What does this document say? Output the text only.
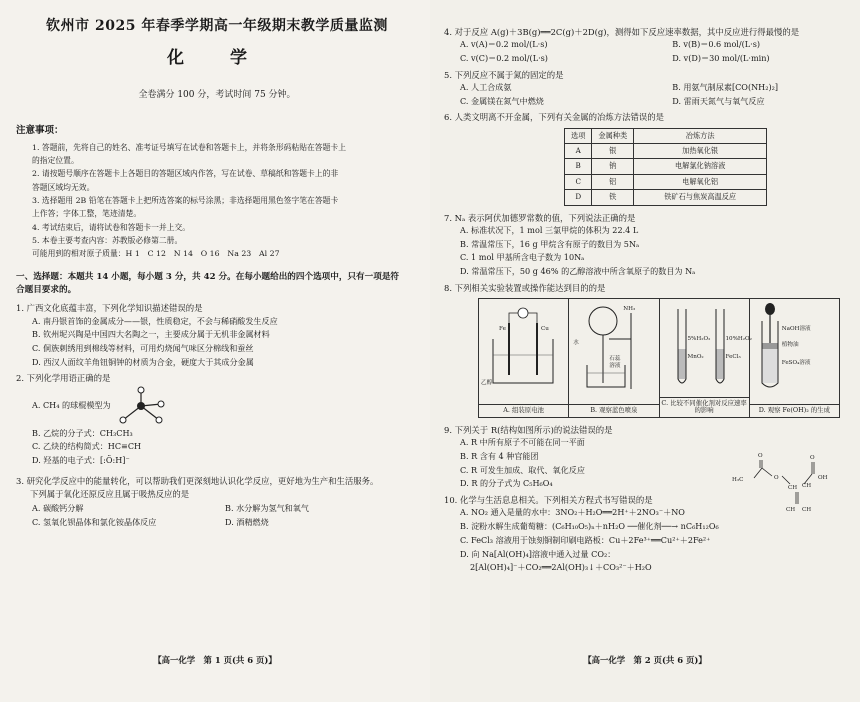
钦州市 2025 年春季学期高一年级期末教学质量监测
化 学
全卷满分 100 分，考试时间 75 分钟。
注意事项：
1. 答题前，先将自己的姓名、准考证号填写在试卷和答题卡上，并将条形码粘贴在答题卡上
的指定位置。
2. 请按题号顺序在答题卡上各题目的答题区域内作答，写在试卷、草稿纸和答题卡上的非
答题区域均无效。
3. 选择题用 2B 铅笔在答题卡上把所选答案的标号涂黑；非选择题用黑色签字笔在答题卡
上作答；字体工整，笔迹清楚。
4. 考试结束后，请将试卷和答题卡一并上交。
5. 本卷主要考查内容：苏教版必修第二册。
可能用到的相对原子质量：H 1　C 12　N 14　O 16　Na 23　Al 27
一、选择题：本题共 14 小题，每小题 3 分，共 42 分。在每小题给出的四个选项中，只有一项是符
合题目要求的。
1. 广西文化底蕴丰富，下列化学知识描述错误的是
A. 南丹银首饰的金属成分——银，性质稳定，不会与稀硝酸发生反应
B. 钦州坭兴陶是中国四大名陶之一，主要成分属于无机非金属材料
C. 侗族刺绣用到棉线等材料，可用灼烧闻气味区分棉线和蚕丝
D. 西汉人面纹羊角钮铜钟的材质为合金，硬度大于其成分金属
2. 下列化学用语正确的是
A. CH₄ 的球棍模型为
B. 乙烷的分子式：CH₃CH₃
C. 乙炔的结构简式：HC≡CH
D. 羟基的电子式：[:Ö:H]⁻
3. 研究化学反应中的能量转化，可以帮助我们更深刻地认识化学反应，更好地为生产和生活服务。
下列属于氧化还原反应且属于吸热反应的是
A. 碳酸钙分解	B. 水分解为氢气和氧气
C. 氢氧化钡晶体和氯化铵晶体反应	D. 酒精燃烧
【高一化学　第 1 页(共 6 页)】
4. 对于反应 A(g)＋3B(g)══2C(g)＋2D(g)，测得如下反应速率数据，其中反应进行得最慢的是
A. v(A)＝0.2 mol/(L·s)	B. v(B)＝0.6 mol/(L·s)
C. v(C)＝0.2 mol/(L·s)	D. v(D)＝30 mol/(L·min)
5. 下列反应不属于氮的固定的是
A. 人工合成氨	B. 用氨气制尿素[CO(NH₂)₂]
C. 金属镁在氮气中燃烧	D. 雷雨天氮气与氧气反应
6. 人类文明离不开金属，下列有关金属的冶炼方法错误的是
选项	金属种类	冶炼方法
A	银	加热氧化银
B	钠	电解氯化钠溶液
C	铝	电解氧化铝
D	铁	铁矿石与焦炭高温反应
7. Nₐ 表示阿伏加德罗常数的值，下列说法正确的是
A. 标准状况下，1 mol 三氯甲烷的体积为 22.4 L
B. 常温常压下，16 g 甲烷含有原子的数目为 5Nₐ
C. 1 mol 甲基所含电子数为 10Nₐ
D. 常温常压下，50 g 46% 的乙醇溶液中所含氧原子的数目为 Nₐ
8. 下列相关实验装置或操作能达到目的的是
Fe	Cu
乙醇
A. 组装原电池
NH₃
水
石蕊
溶液
B. 观察蓝色喷泉
5%H₂O₂
MnO₂
10%H₂O₂
FeCl₃
C. 比较不同催化剂对反应速率的影响
NaOH溶液
植物油
FeSO₄溶液
D. 观察 Fe(OH)₂ 的生成
9. 下列关于 R(结构如图所示)的说法错误的是
A. R 中所有原子不可能在同一平面
B. R 含有 4 种官能团
C. R 可发生加成、取代、氧化反应
D. R 的分子式为 C₅H₆O₄
O	O
H₃C	O
CH CH
OH
CH CH
10. 化学与生活息息相关。下列相关方程式书写错误的是
A. NO₂ 通入是量的水中：3NO₂＋H₂O══2H⁺＋2NO₃⁻＋NO
B. 淀粉水解生成葡萄糖：(C₆H₁₀O₅)ₙ＋nH₂O ──催化剂──→ nC₆H₁₂O₆
C. FeCl₃ 溶液用于蚀刻铜制印刷电路板：Cu＋2Fe³⁺══Cu²⁺＋2Fe²⁺
D. 向 Na[Al(OH)₄]溶液中通入过量 CO₂：
2[Al(OH)₄]⁻＋CO₂══2Al(OH)₃↓＋CO₃²⁻＋H₂O
【高一化学　第 2 页(共 6 页)】
